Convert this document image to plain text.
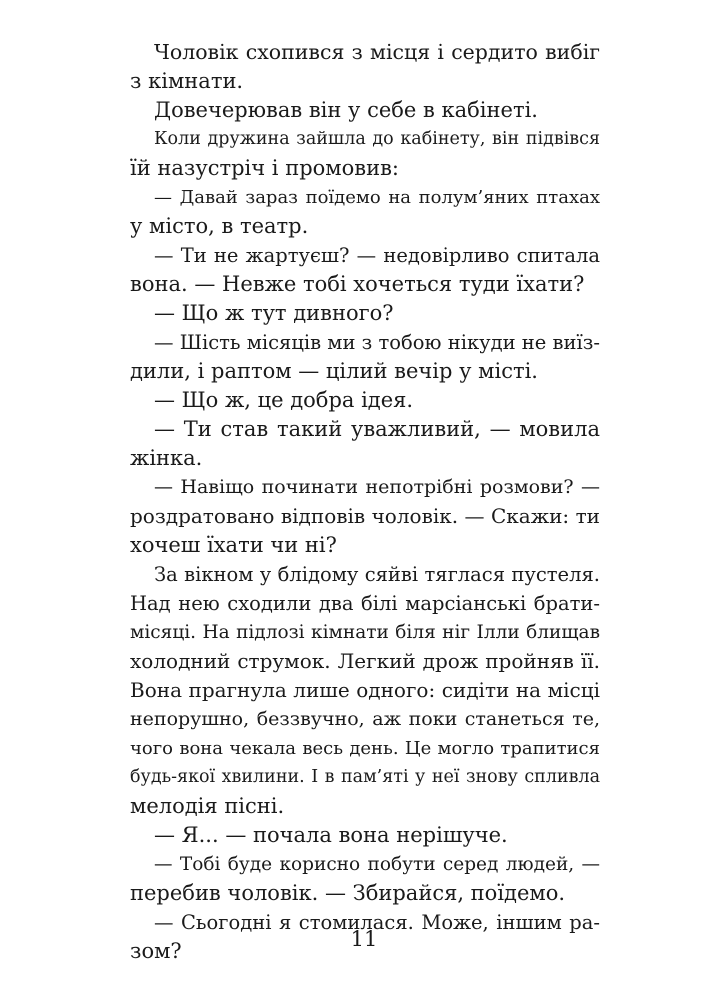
Чоловік схопився з місця і сердито вибіг
з кімнати.
Довечерював він у себе в кабінеті.
Коли дружина зайшла до кабінету, він підвівся
їй назустріч і промовив:
— Давай зараз поїдемо на полум’яних птахах
у місто, в театр.
— Ти не жартуєш? — недовірливо спитала
вона. — Невже тобі хочеться туди їхати?
— Що ж тут дивного?
— Шість місяців ми з тобою нікуди не виїз-
дили, і раптом — цілий вечір у місті.
— Що ж, це добра ідея.
— Ти став такий уважливий, — мовила
жінка.
— Навіщо починати непотрібні розмови? —
роздратовано відповів чоловік. — Скажи: ти
хочеш їхати чи ні?
За вікном у блідому сяйві тяглася пустеля.
Над нею сходили два білі марсіанські брати-
місяці. На підлозі кімнати біля ніг Ілли блищав
холодний струмок. Легкий дрож пройняв її.
Вона прагнула лише одного: сидіти на місці
непорушно, беззвучно, аж поки станеться те,
чого вона чекала весь день. Це могло трапитися
будь-якої хвилини. І в пам’яті у неї знову спливла
мелодія пісні.
— Я... — почала вона нерішуче.
— Тобі буде корисно побути серед людей, —
перебив чоловік. — Збирайся, поїдемо.
— Сьогодні я стомилася. Може, іншим ра-
зом?	11
